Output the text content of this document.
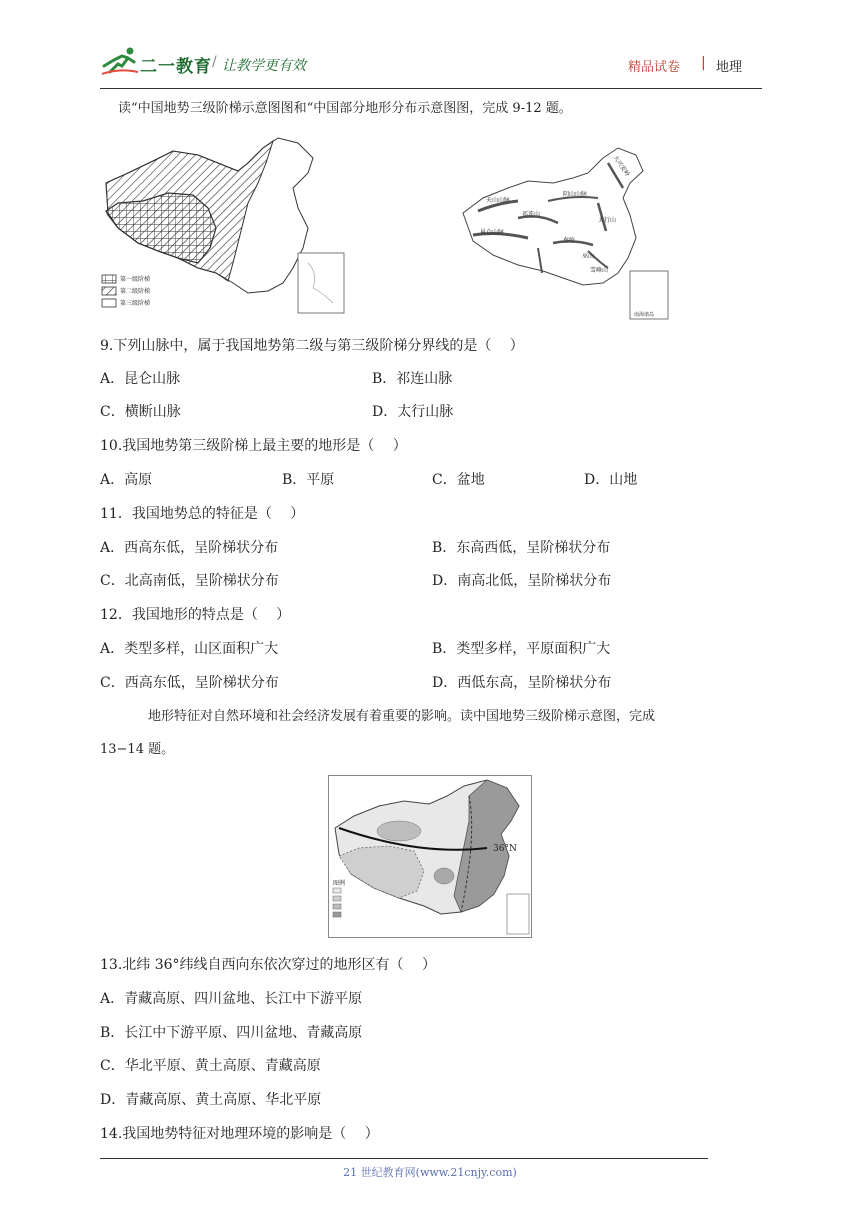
二一教育 / 让教学更有效	精品试卷 | 地理
读“中国地势三级阶梯示意图图和“中国部分地形分布示意图图，完成 9-12 题。
第一级阶梯
第二级阶梯
第三级阶梯
大兴安岭
天山山脉
阴山山脉
太行山
昆仑山脉
祁连山
秦岭
巫山
雪峰山
南海诸岛
9.下列山脉中，属于我国地势第二级与第三级阶梯分界线的是（　 ）
A．昆仑山脉	B．祁连山脉
C．横断山脉	D．太行山脉
10.我国地势第三级阶梯上最主要的地形是（　 ）
A．高原	B．平原	C．盆地	D．山地
11．我国地势总的特征是（　 ）
A．西高东低，呈阶梯状分布	B．东高西低，呈阶梯状分布
C．北高南低，呈阶梯状分布	D．南高北低，呈阶梯状分布
12．我国地形的特点是（　 ）
A．类型多样，山区面积广大	B．类型多样，平原面积广大
C．西高东低，呈阶梯状分布	D．西低东高，呈阶梯状分布
地形特征对自然环境和社会经济发展有着重要的影响。读中国地势三级阶梯示意图，完成
13−14 题。
36°N
图例
13.北纬 36°纬线自西向东依次穿过的地形区有（　 ）
A．青藏高原、四川盆地、长江中下游平原
B．长江中下游平原、四川盆地、青藏高原
C．华北平原、黄土高原、青藏高原
D．青藏高原、黄土高原、华北平原
14.我国地势特征对地理环境的影响是（　 ）
21 世纪教育网(www.21cnjy.com)
